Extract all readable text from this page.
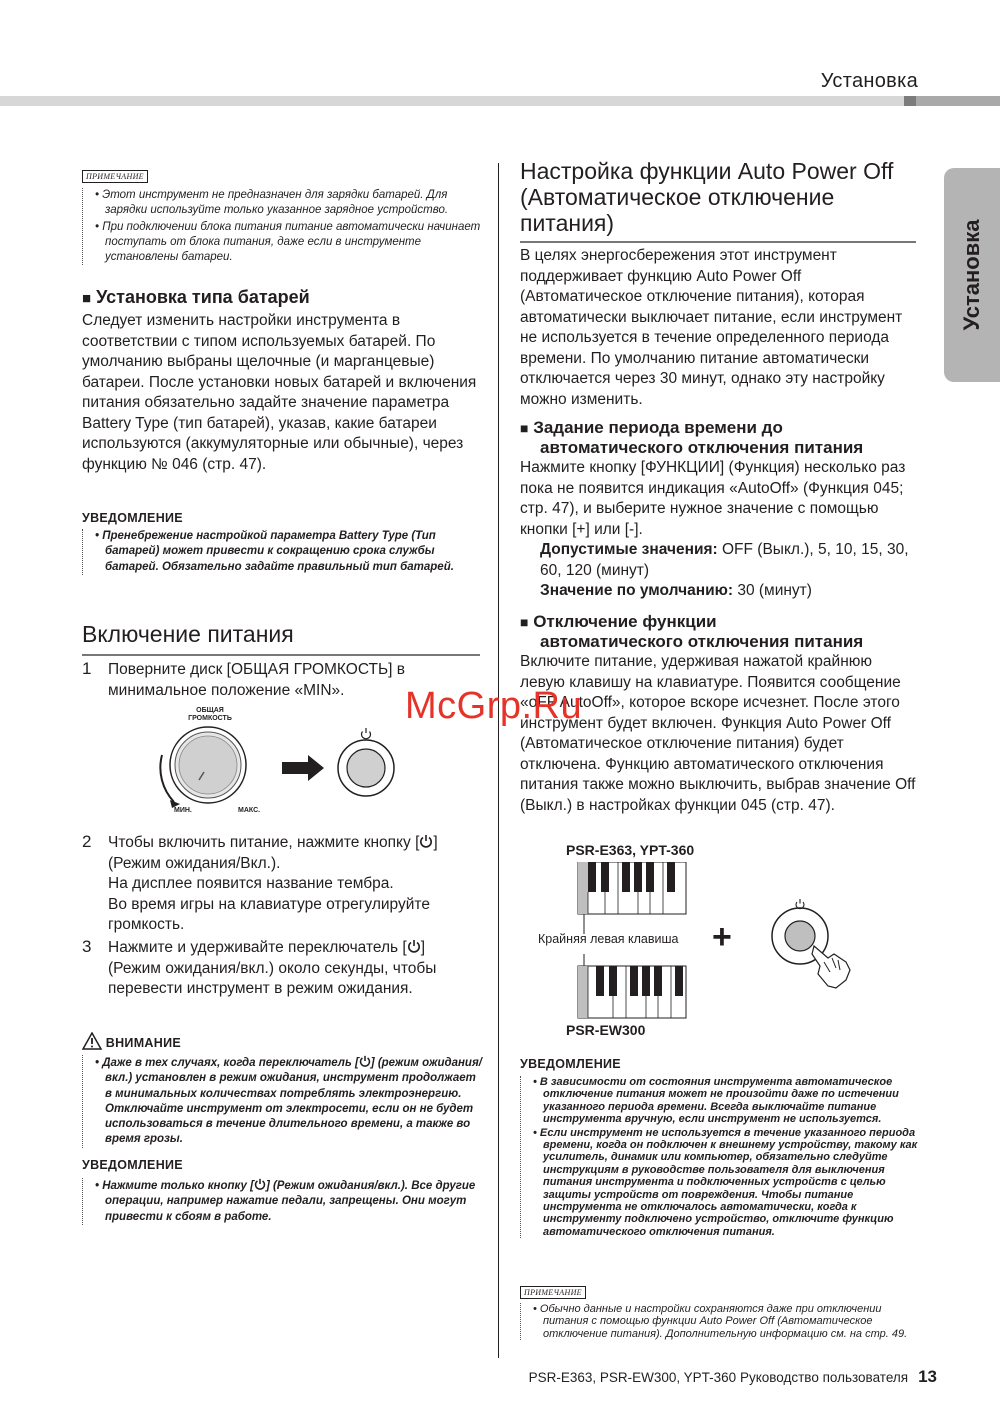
Установка
Установка
ПРИМЕЧАНИЕ

• Этот инструмент не предназначен для зарядки батарей. Для зарядки используйте только указанное зарядное устройство.

• При подключении блока питания питание автоматически начинает поступать от блока питания, даже если в инструменте установлены батареи.

■ Установка типа батарей
Следует изменить настройки инструмента в соответствии с типом используемых батарей. По умолчанию выбраны щелочные (и марганцевые) батареи. После установки новых батарей и включения питания обязательно задайте значение параметра Battery Type (тип батарей), указав, какие батареи используются (аккумуляторные или обычные), через функцию № 046 (стр. 47).
УВЕДОМЛЕНИЕ

• Пренебрежение настройкой параметра Battery Type (Тип батарей) может привести к сокращению срока службы батарей. Обязательно задайте правильный тип батарей.

Включение питания
1 Поверните диск [ОБЩАЯ ГРОМКОСТЬ] в минимальное положение «MIN».
ОБЩАЯ
ГРОМКОСТЬ
МИН.	МАКС.
2 Чтобы включить питание, нажмите кнопку [ ] (Режим ожидания/Вкл.).
На дисплее появится название тембра.
Во время игры на клавиатуре отрегулируйте громкость.
3 Нажмите и удерживайте переключатель [ ] (Режим ожидания/вкл.) около секунды, чтобы перевести инструмент в режим ожидания.
ВНИМАНИЕ

• Даже в тех случаях, когда переключатель [ ] (режим ожидания/вкл.) установлен в режим ожидания, инструмент продолжает в минимальных количествах потреблять электроэнергию. Отключайте инструмент от электросети, если он не будет использоваться в течение длительного времени, а также во время грозы.

УВЕДОМЛЕНИЕ

• Нажмите только кнопку [ ] (Режим ожидания/вкл.). Все другие операции, например нажатие педали, запрещены. Они могут привести к сбоям в работе.

Настройка функции Auto Power Off (Автоматическое отключение питания)
В целях энергосбережения этот инструмент поддерживает функцию Auto Power Off (Автоматическое отключение питания), которая автоматически выключает питание, если инструмент не используется в течение определенного периода времени. По умолчанию питание автоматически отключается через 30 минут, однако эту настройку можно изменить.
■ Задание периода времени до
автоматического отключения питания
Нажмите кнопку [ФУНКЦИИ] (Функция) несколько раз пока не появится индикация «AutoOff» (Функция 045; стр. 47), и выберите нужное значение с помощью кнопки [+] или [-].
Допустимые значения: OFF (Выкл.), 5, 10, 15, 30, 60, 120 (минут)
Значение по умолчанию: 30 (минут)
■ Отключение функции
автоматического отключения питания
Включите питание, удерживая нажатой крайнюю левую клавишу на клавиатуре. Появится сообщение «oFF AutoOff», которое вскоре исчезнет. После этого инструмент будет включен. Функция Auto Power Off (Автоматическое отключение питания) будет отключена. Функцию автоматического отключения питания также можно выключить, выбрав значение Off (Выкл.) в настройках функции 045 (стр. 47).
PSR-E363, YPT-360
Крайняя левая клавиша +
PSR-EW300
УВЕДОМЛЕНИЕ

• В зависимости от состояния инструмента автоматическое отключение питания может не произойти даже по истечении указанного периода времени. Всегда выключайте питание инструмента вручную, если инструмент не используется.

• Если инструмент не используется в течение указанного периода времени, когда он подключен к внешнему устройству, такому как усилитель, динамик или компьютер, обязательно следуйте инструкциям в руководстве пользователя для выключения питания инструмента и подключенных устройств с целью защиты устройств от повреждения. Чтобы питание инструмента не отключалось автоматически, когда к инструменту подключено устройство, отключите функцию автоматического отключения питания.

ПРИМЕЧАНИЕ

• Обычно данные и настройки сохраняются даже при отключении питания с помощью функции Auto Power Off (Автоматическое отключение питания). Дополнительную информацию см. на стр. 49.

McGrp.Ru
PSR-E363, PSR-EW300, YPT-360 Руководство пользователя 13
